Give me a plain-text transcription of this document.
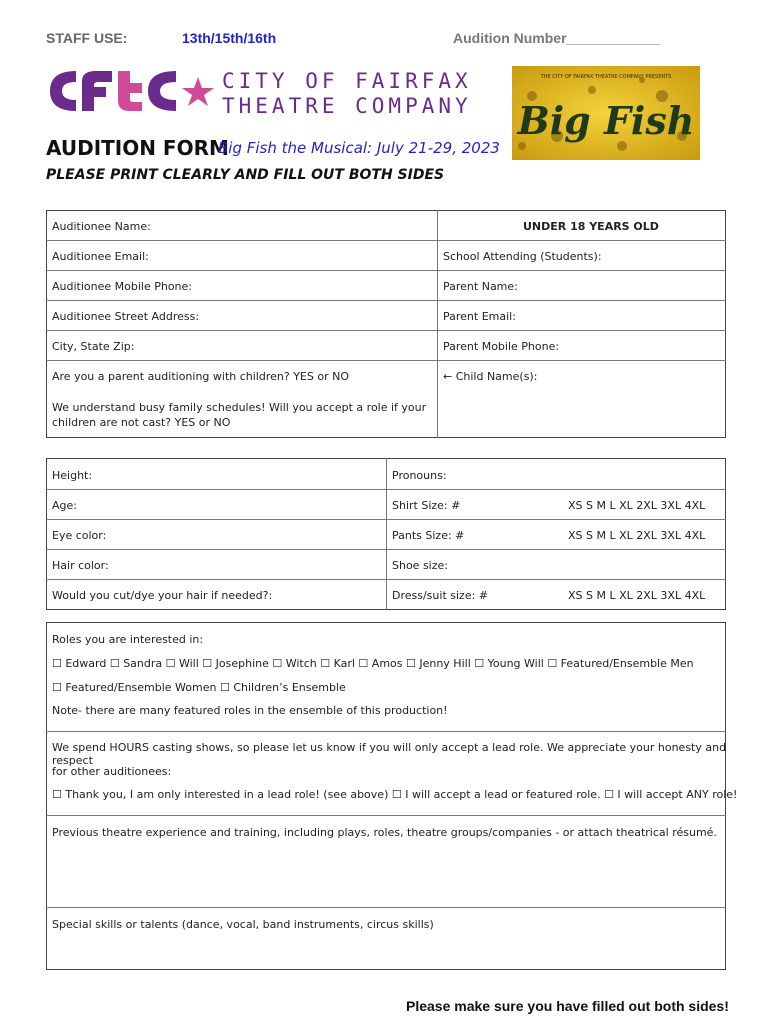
STAFF USE:	13th/15th/16th	Audition Number____________
CITY OF FAIRFAX
THEATRE COMPANY
THE CITY OF FAIRFAX THEATRE COMPANY PRESENTS
Big Fish
AUDITION FORM
Big Fish the Musical: July 21-29, 2023
PLEASE PRINT CLEARLY AND FILL OUT BOTH SIDES
Auditionee Name:
Auditionee Email:
Auditionee Mobile Phone:
Auditionee Street Address:
City, State Zip:
Are you a parent auditioning with children? YES or NO
We understand busy family schedules! Will you accept a role if your
children are not cast? YES or NO
UNDER 18 YEARS OLD
School Attending (Students):
Parent Name:
Parent Email:
Parent Mobile Phone:
← Child Name(s):
Height:
Age:
Eye color:
Hair color:
Would you cut/dye your hair if needed?:
Pronouns:
Shirt Size: #
Pants Size: #
Shoe size:
Dress/suit size: #
XS S M L XL 2XL 3XL 4XL
XS S M L XL 2XL 3XL 4XL
XS S M L XL 2XL 3XL 4XL
Roles you are interested in:
☐ Edward ☐ Sandra ☐ Will ☐ Josephine ☐ Witch ☐ Karl ☐ Amos ☐ Jenny Hill ☐ Young Will ☐ Featured/Ensemble Men
☐ Featured/Ensemble Women ☐ Children’s Ensemble
Note- there are many featured roles in the ensemble of this production!
We spend HOURS casting shows, so please let us know if you will only accept a lead role. We appreciate your honesty and respect
for other auditionees:
☐ Thank you, I am only interested in a lead role! (see above) ☐ I will accept a lead or featured role. ☐ I will accept ANY role!
Previous theatre experience and training, including plays, roles, theatre groups/companies - or attach theatrical résumé.
Special skills or talents (dance, vocal, band instruments, circus skills)
Please make sure you have filled out both sides!
